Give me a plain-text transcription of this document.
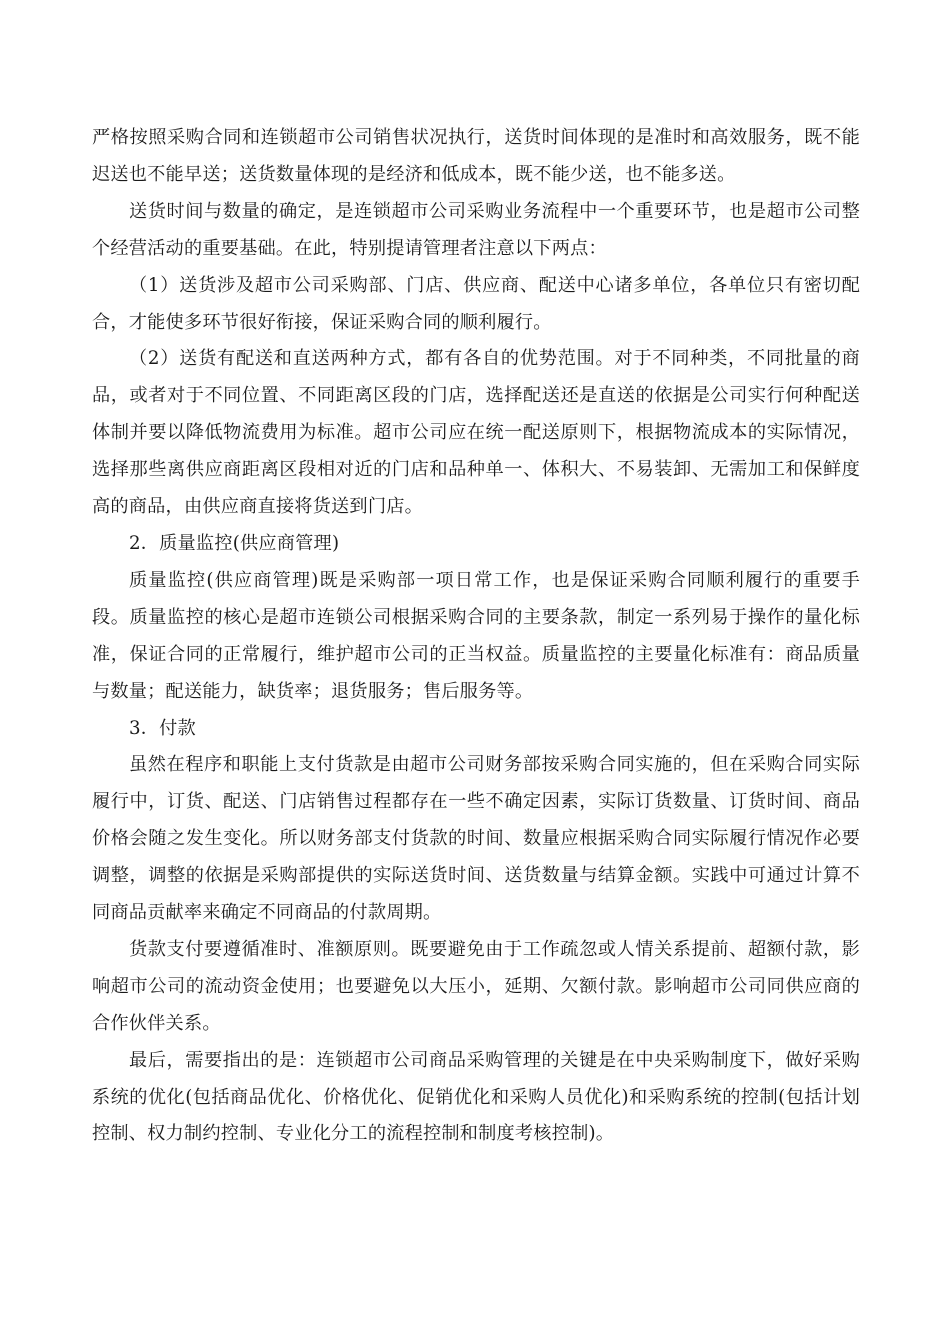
严格按照采购合同和连锁超市公司销售状况执行，送货时间体现的是准时和高效服务，既不能迟送也不能早送；送货数量体现的是经济和低成本，既不能少送，也不能多送。

送货时间与数量的确定，是连锁超市公司采购业务流程中一个重要环节，也是超市公司整个经营活动的重要基础。在此，特别提请管理者注意以下两点：

（1）送货涉及超市公司采购部、门店、供应商、配送中心诸多单位，各单位只有密切配合，才能使多环节很好衔接，保证采购合同的顺利履行。

（2）送货有配送和直送两种方式，都有各自的优势范围。对于不同种类，不同批量的商品，或者对于不同位置、不同距离区段的门店，选择配送还是直送的依据是公司实行何种配送体制并要以降低物流费用为标准。超市公司应在统一配送原则下，根据物流成本的实际情况，选择那些离供应商距离区段相对近的门店和品种单一、体积大、不易装卸、无需加工和保鲜度高的商品，由供应商直接将货送到门店。

2．质量监控(供应商管理)

质量监控(供应商管理)既是采购部一项日常工作，也是保证采购合同顺利履行的重要手段。质量监控的核心是超市连锁公司根据采购合同的主要条款，制定一系列易于操作的量化标准，保证合同的正常履行，维护超市公司的正当权益。质量监控的主要量化标准有：商品质量与数量；配送能力，缺货率；退货服务；售后服务等。

3．付款

虽然在程序和职能上支付货款是由超市公司财务部按采购合同实施的，但在采购合同实际履行中，订货、配送、门店销售过程都存在一些不确定因素，实际订货数量、订货时间、商品价格会随之发生变化。所以财务部支付货款的时间、数量应根据采购合同实际履行情况作必要调整，调整的依据是采购部提供的实际送货时间、送货数量与结算金额。实践中可通过计算不同商品贡献率来确定不同商品的付款周期。

货款支付要遵循准时、准额原则。既要避免由于工作疏忽或人情关系提前、超额付款，影响超市公司的流动资金使用；也要避免以大压小，延期、欠额付款。影响超市公司同供应商的合作伙伴关系。

最后，需要指出的是：连锁超市公司商品采购管理的关键是在中央采购制度下，做好采购系统的优化(包括商品优化、价格优化、促销优化和采购人员优化)和采购系统的控制(包括计划控制、权力制约控制、专业化分工的流程控制和制度考核控制)。
